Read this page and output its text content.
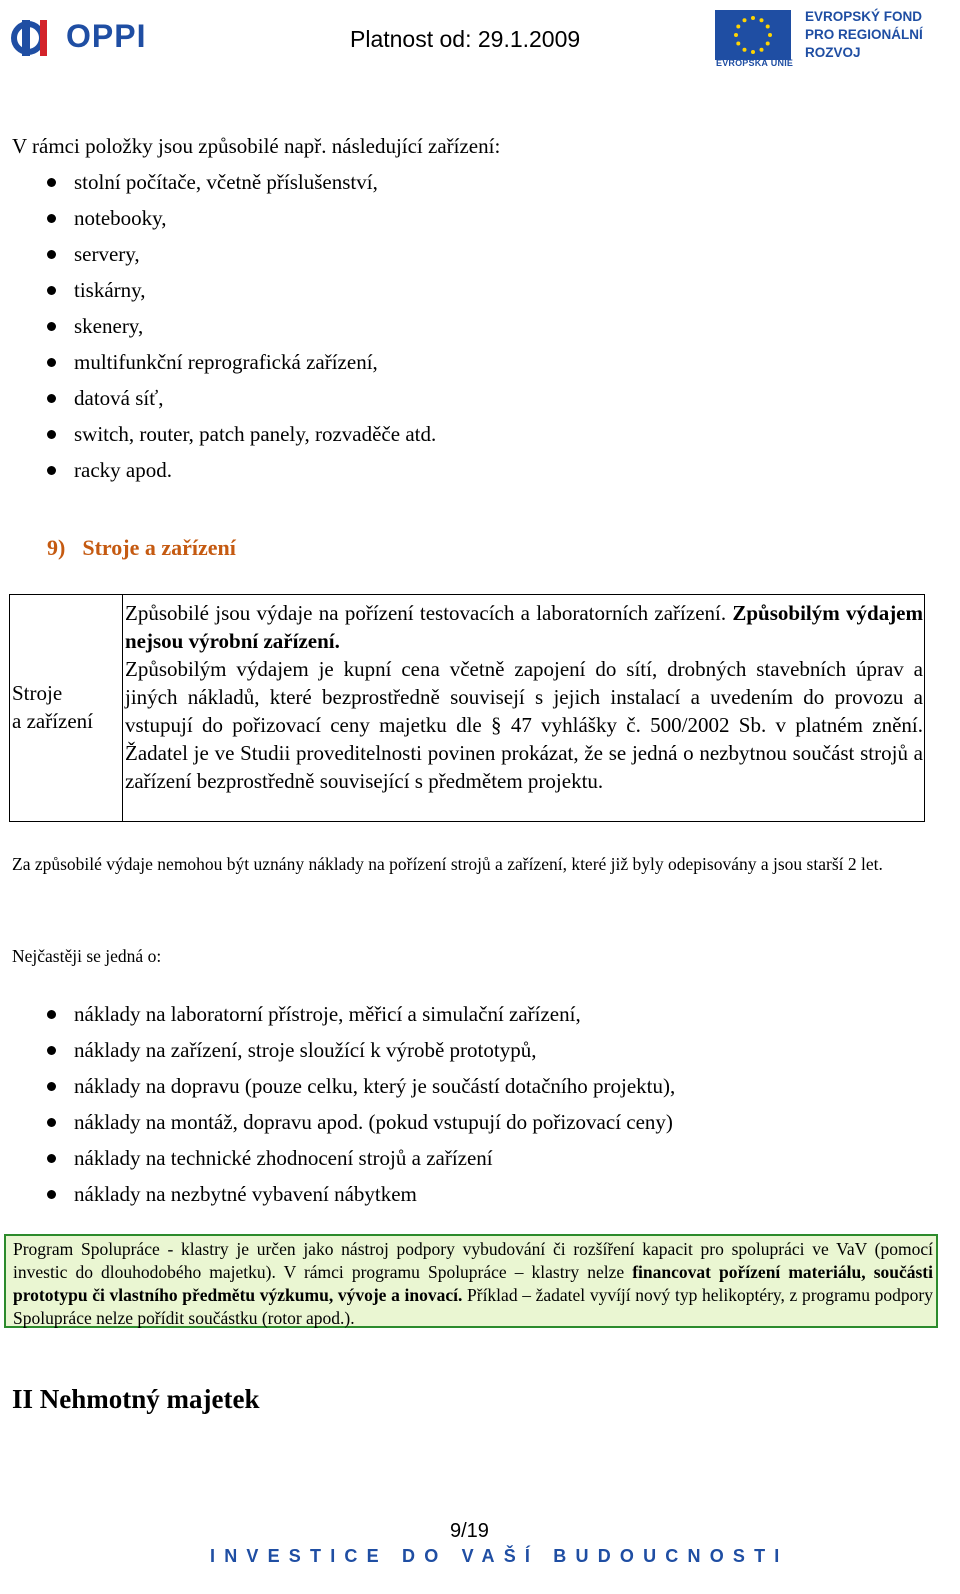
OPPI	Platnost od: 29.1.2009
EVROPSKÁ UNIE
EVROPSKÝ FOND
PRO REGIONÁLNÍ
ROZVOJ
V rámci položky jsou způsobilé např. následující zařízení:
stolní počítače, včetně příslušenství,
notebooky,
servery,
tiskárny,
skenery,
multifunkční reprografická zařízení,
datová síť,
switch, router, patch panely, rozvaděče atd.
racky apod.
9) Stroje a zařízení
Stroje
a zařízení

Způsobilé jsou výdaje na pořízení testovacích a laboratorních zařízení. Způsobilým výdajem nejsou výrobní zařízení.

Způsobilým výdajem je kupní cena včetně zapojení do sítí, drobných stavebních úprav a jiných nákladů, které bezprostředně souvisejí s jejich instalací a uvedením do provozu a vstupují do pořizovací ceny majetku dle § 47 vyhlášky č. 500/2002 Sb. v platném znění. Žadatel je ve Studii proveditelnosti povinen prokázat, že se jedná o nezbytnou součást strojů a zařízení bezprostředně související s předmětem projektu.

Za způsobilé výdaje nemohou být uznány náklady na pořízení strojů a zařízení, které již byly odepisovány a jsou starší 2 let.
Nejčastěji se jedná o:
náklady na laboratorní přístroje, měřicí a simulační zařízení,
náklady na zařízení, stroje sloužící k výrobě prototypů,
náklady na dopravu (pouze celku, který je součástí dotačního projektu),
náklady na montáž, dopravu apod. (pokud vstupují do pořizovací ceny)
náklady na technické zhodnocení strojů a zařízení
náklady na nezbytné vybavení nábytkem
Program Spolupráce - klastry je určen jako nástroj podpory vybudování či rozšíření kapacit pro spolupráci ve VaV (pomocí investic do dlouhodobého majetku). V rámci programu Spolupráce – klastry nelze financovat pořízení materiálu, součásti prototypu či vlastního předmětu výzkumu, vývoje a inovací. Příklad – žadatel vyvíjí nový typ helikoptéry, z programu podpory Spolupráce nelze pořídit součástku (rotor apod.).
II Nehmotný majetek
9/19
INVESTICE DO VAŠÍ BUDOUCNOSTI
